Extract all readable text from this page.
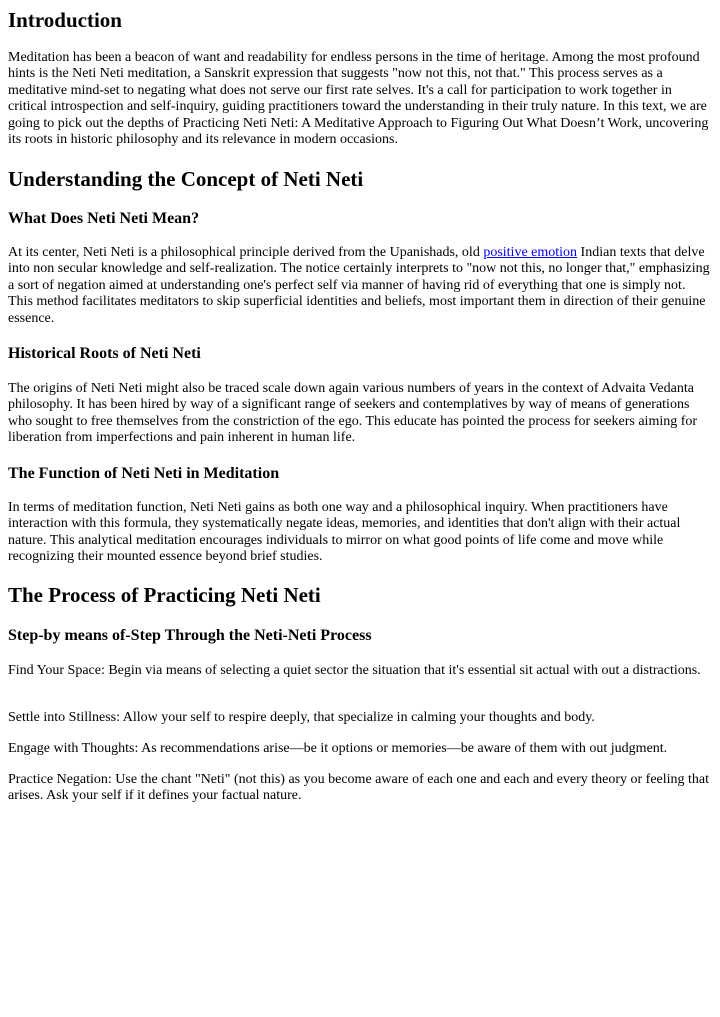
Introduction

Meditation has been a beacon of want and readability for endless persons in the time of heritage. Among the most profound hints is the Neti Neti meditation, a Sanskrit expression that suggests "now not this, not that." This process serves as a meditative mind-set to negating what does not serve our first rate selves. It's a call for participation to work together in critical introspection and self-inquiry, guiding practitioners toward the understanding in their truly nature. In this text, we are going to pick out the depths of Practicing Neti Neti: A Meditative Approach to Figuring Out What Doesn’t Work, uncovering its roots in historic philosophy and its relevance in modern occasions.

Understanding the Concept of Neti Neti
What Does Neti Neti Mean?

At its center, Neti Neti is a philosophical principle derived from the Upanishads, old positive emotion Indian texts that delve into non secular knowledge and self-realization. The notice certainly interprets to "now not this, no longer that," emphasizing a sort of negation aimed at understanding one's perfect self via manner of having rid of everything that one is simply not. This method facilitates meditators to skip superficial identities and beliefs, most important them in direction of their genuine essence.

Historical Roots of Neti Neti

The origins of Neti Neti might also be traced scale down again various numbers of years in the context of Advaita Vedanta philosophy. It has been hired by way of a significant range of seekers and contemplatives by way of means of generations who sought to free themselves from the constriction of the ego. This educate has pointed the process for seekers aiming for liberation from imperfections and pain inherent in human life.

The Function of Neti Neti in Meditation

In terms of meditation function, Neti Neti gains as both one way and a philosophical inquiry. When practitioners have interaction with this formula, they systematically negate ideas, memories, and identities that don't align with their actual nature. This analytical meditation encourages individuals to mirror on what good points of life come and move while recognizing their mounted essence beyond brief studies.

The Process of Practicing Neti Neti
Step-by means of-Step Through the Neti-Neti Process

Find Your Space: Begin via means of selecting a quiet sector the situation that it's essential sit actual with out a distractions.

Settle into Stillness: Allow your self to respire deeply, that specialize in calming your thoughts and body.

Engage with Thoughts: As recommendations arise—be it options or memories—be aware of them with out judgment.

Practice Negation: Use the chant "Neti" (not this) as you become aware of each one and each and every theory or feeling that arises. Ask your self if it defines your factual nature.
